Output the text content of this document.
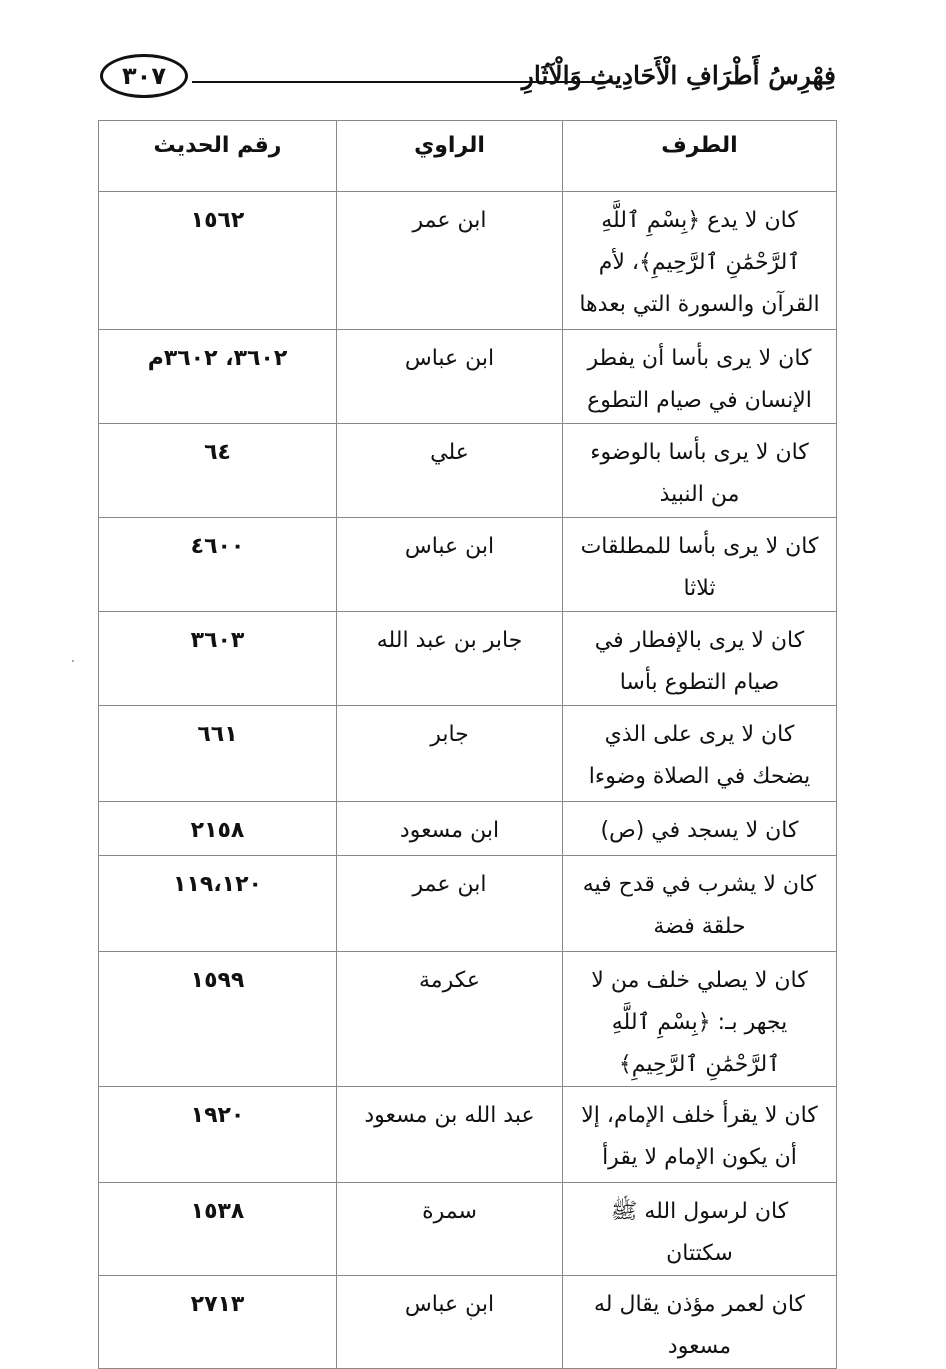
٣٠٧	فِهْرِسُ أَطْرَافِ الْأَحَادِيثِ وَالْآثَارِ
الطرف	الراوي	رقم الحديث
كان لا يدع ﴿بِسْمِ ٱللَّهِ ٱلرَّحْمَٰنِ ٱلرَّحِيمِ﴾، لأم القرآن والسورة التي بعدها	ابن عمر	١٥٦٢
كان لا يرى بأسا أن يفطر الإنسان في صيام التطوع	ابن عباس	٣٦٠٢، ٣٦٠٢م
كان لا يرى بأسا بالوضوء من النبيذ	علي	٦٤
كان لا يرى بأسا للمطلقات ثلاثا	ابن عباس	٤٦٠٠
كان لا يرى بالإفطار في صيام التطوع بأسا	جابر بن عبد الله	٣٦٠٣
كان لا يرى على الذي يضحك في الصلاة وضوءا	جابر	٦٦١
كان لا يسجد في (ص)	ابن مسعود	٢١٥٨
كان لا يشرب في قدح فيه حلقة فضة	ابن عمر	١١٩،١٢٠
كان لا يصلي خلف من لا يجهر بـ: ﴿بِسْمِ ٱللَّهِ ٱلرَّحْمَٰنِ ٱلرَّحِيمِ﴾	عكرمة	١٥٩٩
كان لا يقرأ خلف الإمام، إلا أن يكون الإمام لا يقرأ	عبد الله بن مسعود	١٩٢٠
كان لرسول الله ﷺ سكتتان	سمرة	١٥٣٨
كان لعمر مؤذن يقال له مسعود	ابن عباس	٢٧١٣
